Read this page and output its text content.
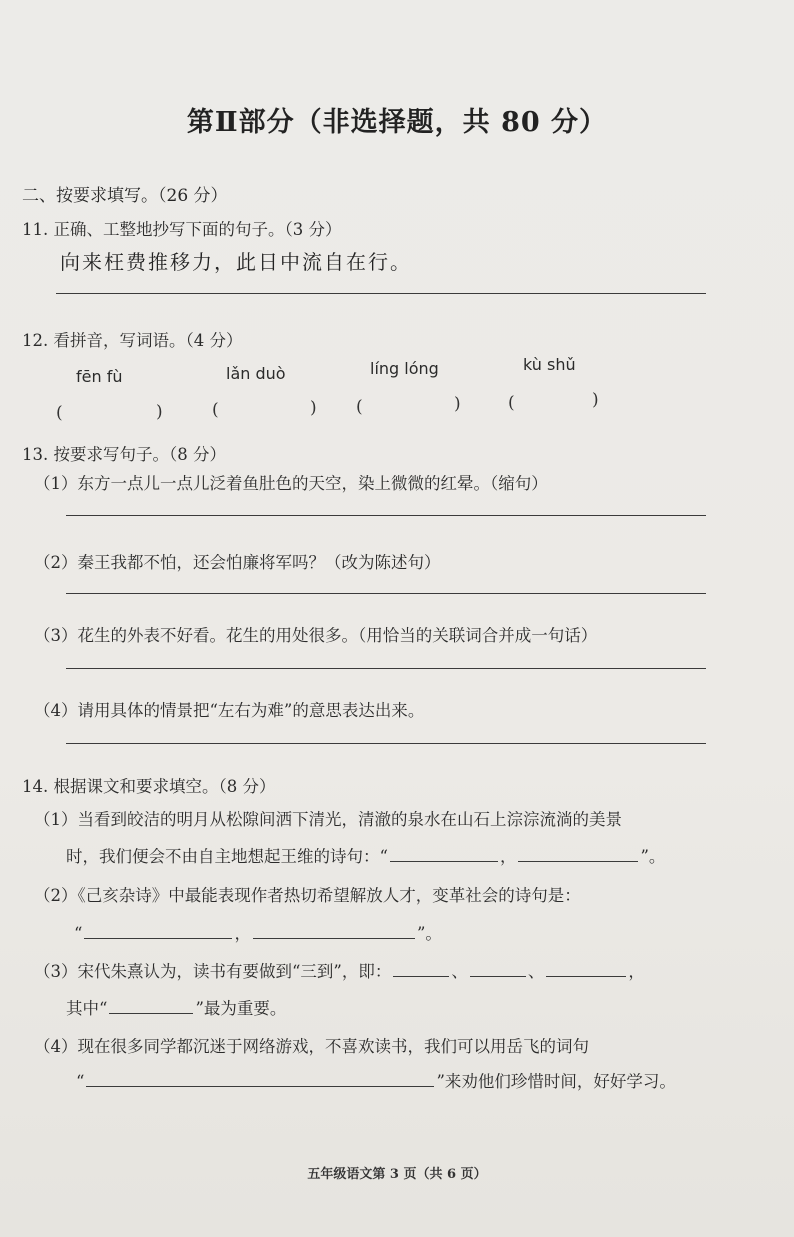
第Ⅱ部分（非选择题，共 80 分）
二、按要求填写。（26 分）
11. 正确、工整地抄写下面的句子。（3 分）
向来枉费推移力，此日中流自在行。
12. 看拼音，写词语。（4 分）
fēn fù	lǎn duò	líng lóng	kù shǔ
(	)	(	) (	)	(	)
13. 按要求写句子。（8 分）
（1）东方一点儿一点儿泛着鱼肚色的天空，染上微微的红晕。（缩句）
（2）秦王我都不怕，还会怕廉将军吗？（改为陈述句）
（3）花生的外表不好看。花生的用处很多。（用恰当的关联词合并成一句话）
（4）请用具体的情景把“左右为难”的意思表达出来。
14. 根据课文和要求填空。（8 分）
（1）当看到皎洁的明月从松隙间洒下清光，清澈的泉水在山石上淙淙流淌的美景
时，我们便会不由自主地想起王维的诗句：“	，	”。
（2）《己亥杂诗》中最能表现作者热切希望解放人才，变革社会的诗句是：
“	，	”。
（3）宋代朱熹认为，读书有要做到“三到”，即：	、	、	，
其中“	”最为重要。
（4）现在很多同学都沉迷于网络游戏，不喜欢读书，我们可以用岳飞的词句
“	”来劝他们珍惜时间，好好学习。
五年级语文第 3 页（共 6 页）
